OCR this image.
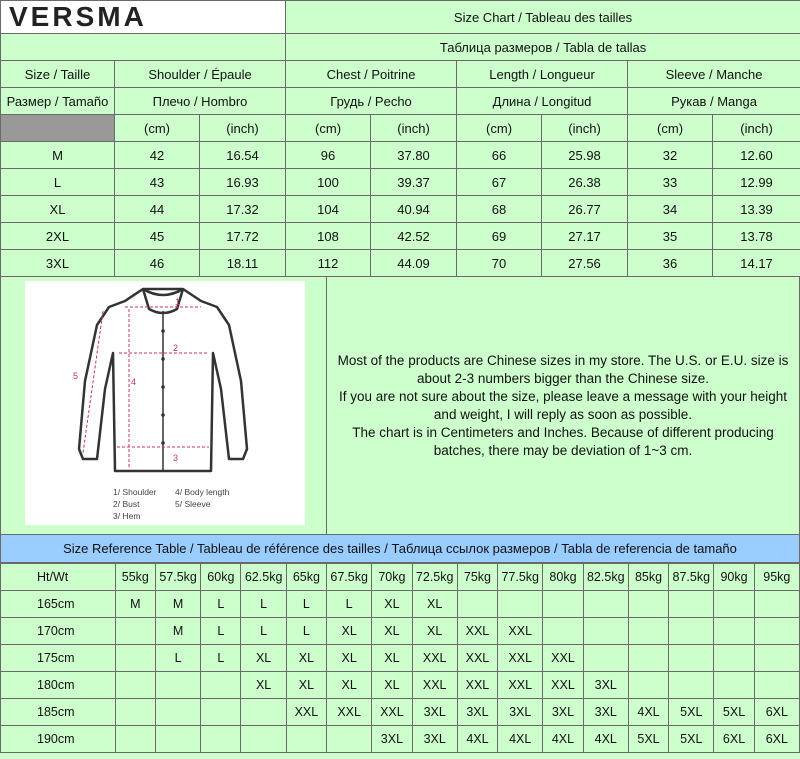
VERSMA			Size Chart / Tableau des tailles					
			Таблица размеров / Tabla de tallas					
Size / Taille	Shoulder / Épaule		Chest / Poitrine		Length / Longueur		Sleeve / Manche	
Размер / Tamaño	Плечо / Hombro		Грудь / Pecho		Длина / Longitud		Рукав / Manga	
	(cm)	(inch)	(cm)	(inch)	(cm)	(inch)	(cm)	(inch)
M	42	16.54	96	37.80	66	25.98	32	12.60
L	43	16.93	100	39.37	67	26.38	33	12.99
XL	44	17.32	104	40.94	68	26.77	34	13.39
2XL	45	17.72	108	42.52	69	27.17	35	13.78
3XL	46	18.11	112	44.09	70	27.56	36	14.17
1
2
3
4
5
1/ Shoulder
2/ Bust
3/ Hem
4/ Body length
5/ Sleeve
Most of the products are Chinese sizes in my store. The U.S. or E.U. size is
about 2-3 numbers bigger than the Chinese size.
If you are not sure about the size, please leave a message with your height
and weight, I will reply as soon as possible.
The chart is in Centimeters and Inches. Because of different producing
batches, there may be deviation of 1~3 cm.
Size Reference Table / Tableau de référence des tailles / Таблица ссылок размеров / Tabla de referencia de tamaño
Ht/Wt	55kg	57.5kg	60kg	62.5kg	65kg	67.5kg	70kg	72.5kg	75kg	77.5kg	80kg	82.5kg	85kg	87.5kg	90kg	95kg
165cm	M	M	L	L	L	L	XL	XL								
170cm		M	L	L	L	XL	XL	XL	XXL	XXL						
175cm		L	L	XL	XL	XL	XL	XXL	XXL	XXL	XXL					
180cm				XL	XL	XL	XL	XXL	XXL	XXL	XXL	3XL				
185cm					XXL	XXL	XXL	3XL	3XL	3XL	3XL	3XL	4XL	5XL	5XL	6XL
190cm							3XL	3XL	4XL	4XL	4XL	4XL	5XL	5XL	6XL	6XL
